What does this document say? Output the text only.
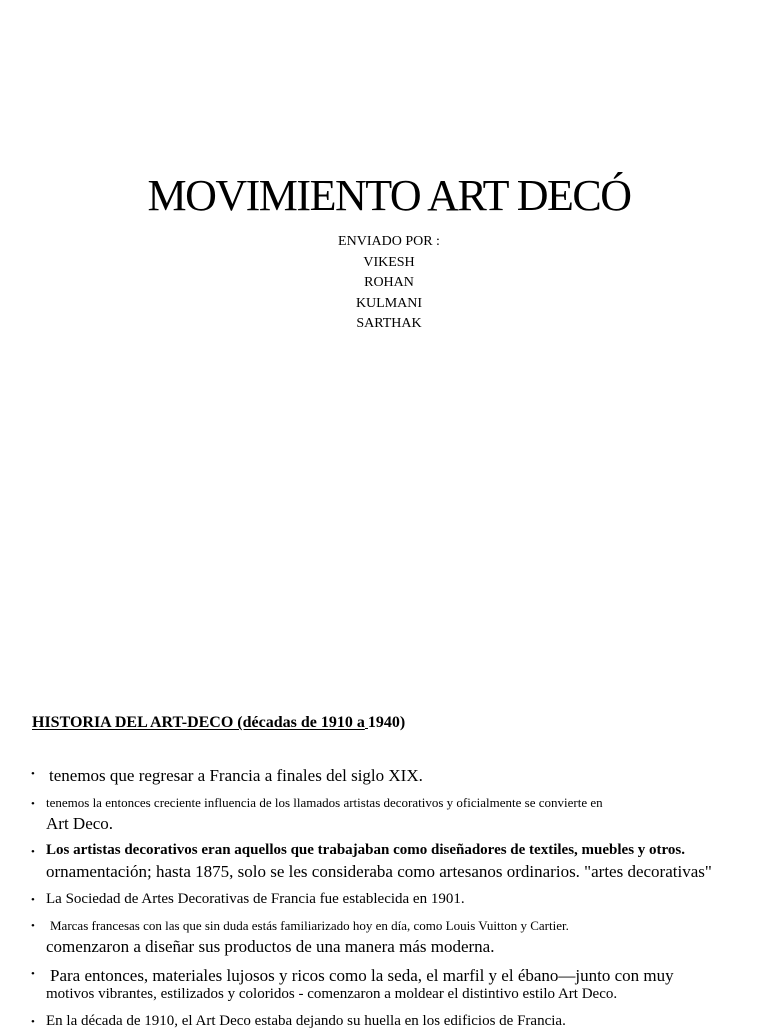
MOVIMIENTO ART DECÓ
ENVIADO POR :
VIKESH
ROHAN
KULMANI
SARTHAK
HISTORIA DEL ART-DECO (décadas de 1910 a 1940)
• tenemos que regresar a Francia a finales del siglo XIX.
• tenemos la entonces creciente influencia de los llamados artistas decorativos y oficialmente se convierte en
Art Deco.
• Los artistas decorativos eran aquellos que trabajaban como diseñadores de textiles, muebles y otros.
ornamentación; hasta 1875, solo se les consideraba como artesanos ordinarios. "artes decorativas"
• La Sociedad de Artes Decorativas de Francia fue establecida en 1901.
• Marcas francesas con las que sin duda estás familiarizado hoy en día, como Louis Vuitton y Cartier.
comenzaron a diseñar sus productos de una manera más moderna.
• Para entonces, materiales lujosos y ricos como la seda, el marfil y el ébano—junto con muy
motivos vibrantes, estilizados y coloridos - comenzaron a moldear el distintivo estilo Art Deco.
• En la década de 1910, el Art Deco estaba dejando su huella en los edificios de Francia.
